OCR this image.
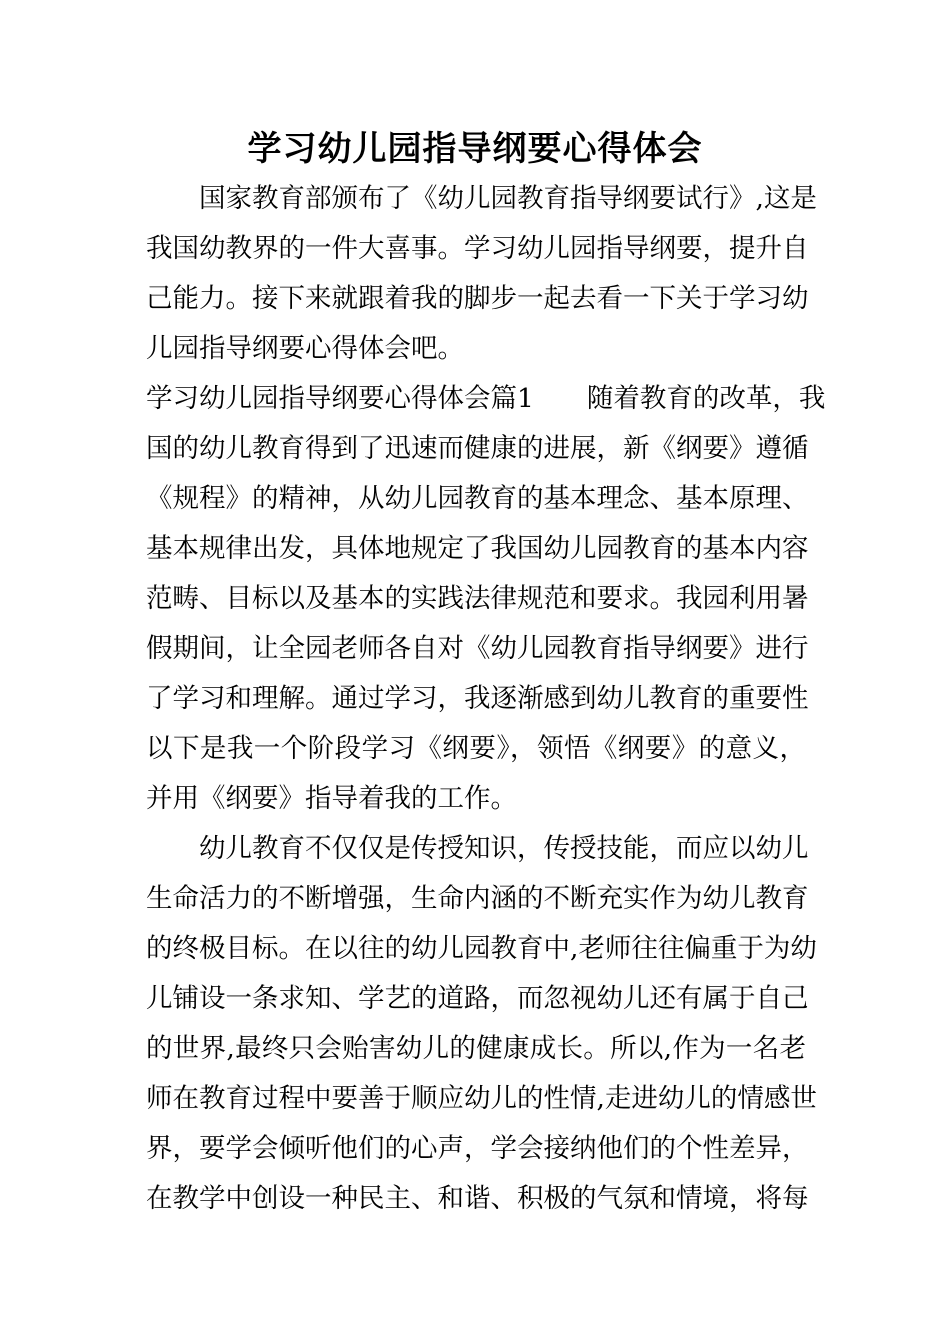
学习幼儿园指导纲要心得体会
　　国家教育部颁布了《幼儿园教育指导纲要试行》,这是
我国幼教界的一件大喜事。学习幼儿园指导纲要，提升自
己能力。接下来就跟着我的脚步一起去看一下关于学习幼
儿园指导纲要心得体会吧。
学习幼儿园指导纲要心得体会篇1　　随着教育的改革，我
国的幼儿教育得到了迅速而健康的进展，新《纲要》遵循
《规程》的精神，从幼儿园教育的基本理念、基本原理、
基本规律出发，具体地规定了我国幼儿园教育的基本内容
范畴、目标以及基本的实践法律规范和要求。我园利用暑
假期间，让全园老师各自对《幼儿园教育指导纲要》进行
了学习和理解。通过学习，我逐渐感到幼儿教育的重要性
以下是我一个阶段学习《纲要》，领悟《纲要》的意义，
并用《纲要》指导着我的工作。
　　幼儿教育不仅仅是传授知识，传授技能，而应以幼儿
生命活力的不断增强，生命内涵的不断充实作为幼儿教育
的终极目标。在以往的幼儿园教育中,老师往往偏重于为幼
儿铺设一条求知、学艺的道路，而忽视幼儿还有属于自己
的世界,最终只会贻害幼儿的健康成长。所以,作为一名老
师在教育过程中要善于顺应幼儿的性情,走进幼儿的情感世
界，要学会倾听他们的心声，学会接纳他们的个性差异，
在教学中创设一种民主、和谐、积极的气氛和情境，将每
